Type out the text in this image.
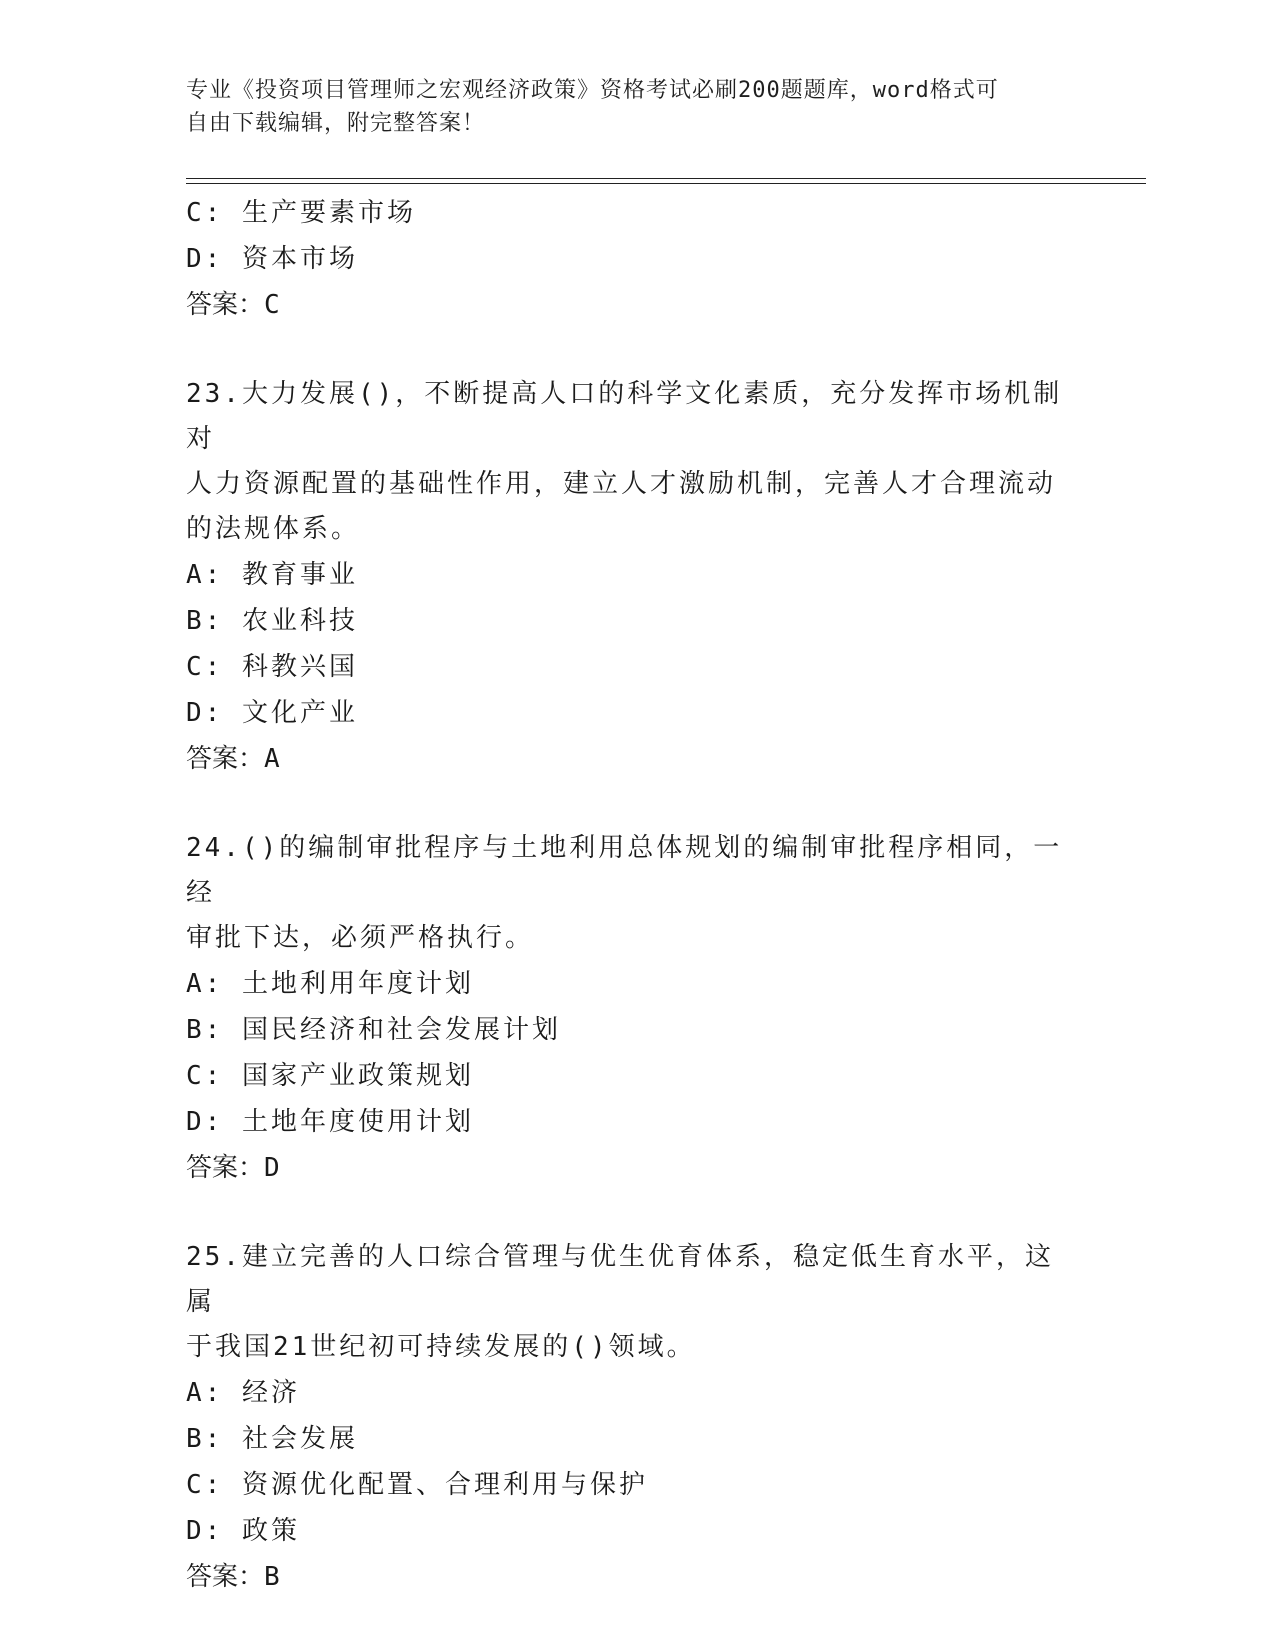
专业《投资项目管理师之宏观经济政策》资格考试必刷200题题库，word格式可
自由下载编辑，附完整答案！
C: 生产要素市场
D: 资本市场
答案：C
23.大力发展()，不断提高人口的科学文化素质，充分发挥市场机制对
人力资源配置的基础性作用，建立人才激励机制，完善人才合理流动
的法规体系。
A: 教育事业
B: 农业科技
C: 科教兴国
D: 文化产业
答案：A
24.()的编制审批程序与土地利用总体规划的编制审批程序相同，一经
审批下达，必须严格执行。
A: 土地利用年度计划
B: 国民经济和社会发展计划
C: 国家产业政策规划
D: 土地年度使用计划
答案：D
25.建立完善的人口综合管理与优生优育体系，稳定低生育水平，这属
于我国21世纪初可持续发展的()领域。
A: 经济
B: 社会发展
C: 资源优化配置、合理利用与保护
D: 政策
答案：B
